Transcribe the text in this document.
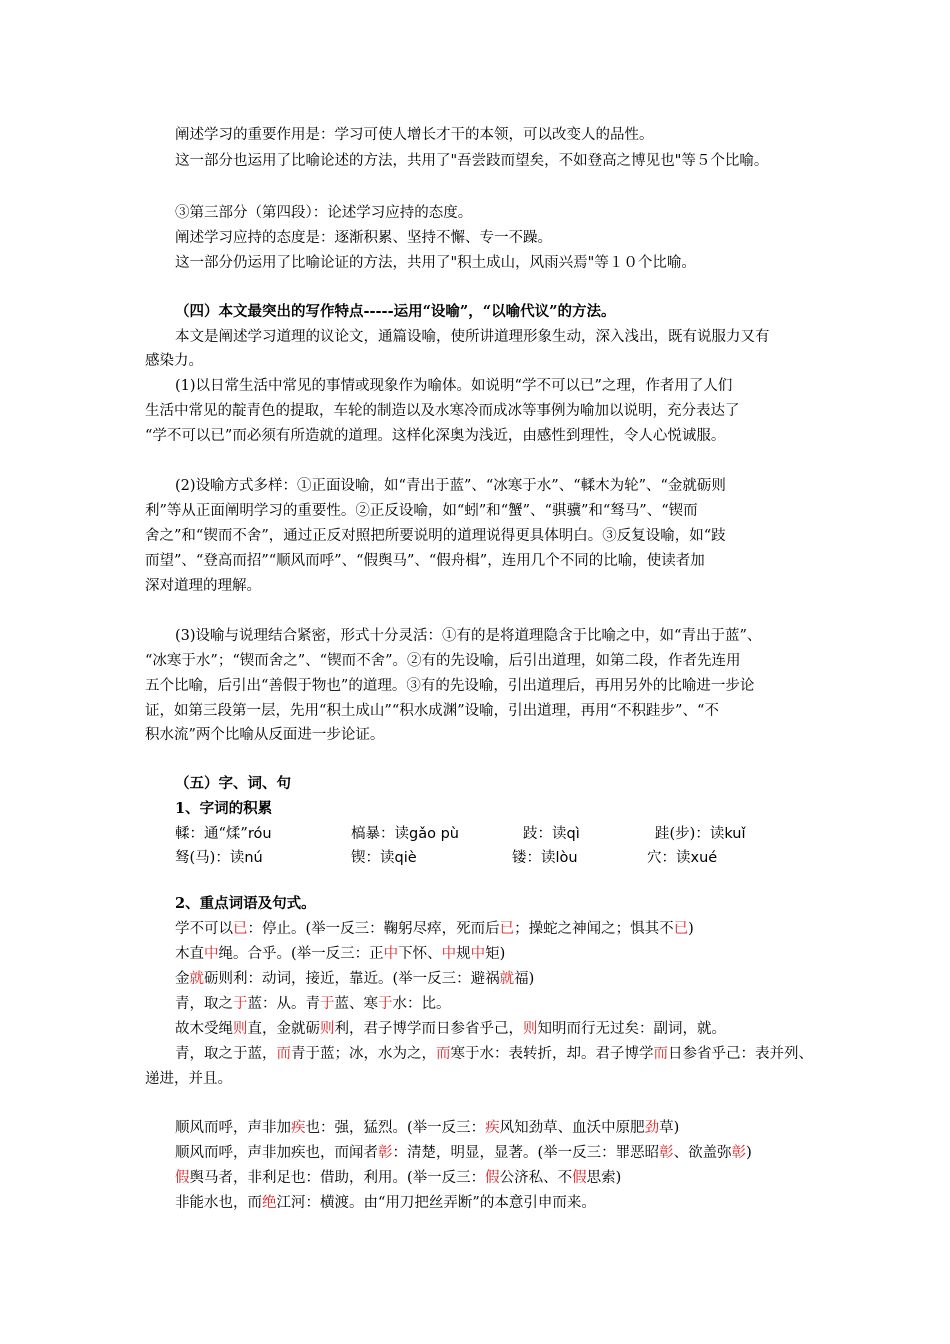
阐述学习的重要作用是：学习可使人增长才干的本领，可以改变人的品性。
这一部分也运用了比喻论述的方法，共用了"吾尝跂而望矣，不如登高之博见也"等５个比喻。
③第三部分（第四段）：论述学习应持的态度。
阐述学习应持的态度是：逐渐积累、坚持不懈、专一不躁。
这一部分仍运用了比喻论证的方法，共用了"积土成山，风雨兴焉"等１０个比喻。
（四）本文最突出的写作特点-----运用“设喻”，“以喻代议”的方法。
本文是阐述学习道理的议论文，通篇设喻，使所讲道理形象生动，深入浅出，既有说服力又有
感染力。
(1)以日常生活中常见的事情或现象作为喻体。如说明“学不可以已”之理，作者用了人们
生活中常见的靛青色的提取，车轮的制造以及水寒冷而成冰等事例为喻加以说明，充分表达了
“学不可以已”而必须有所造就的道理。这样化深奥为浅近，由感性到理性，令人心悦诚服。
(2)设喻方式多样：①正面设喻，如“青出于蓝”、“冰寒于水”、“輮木为轮”、“金就砺则
利”等从正面阐明学习的重要性。②正反设喻，如“蚓”和“蟹”、“骐骥”和“驽马”、“锲而
舍之”和“锲而不舍”，通过正反对照把所要说明的道理说得更具体明白。③反复设喻，如“跂
而望”、“登高而招”“顺风而呼”、“假舆马”、“假舟楫”，连用几个不同的比喻，使读者加
深对道理的理解。
(3)设喻与说理结合紧密，形式十分灵活：①有的是将道理隐含于比喻之中，如“青出于蓝”、
“冰寒于水”；“锲而舍之”、“锲而不舍”。②有的先设喻，后引出道理，如第二段，作者先连用
五个比喻，后引出“善假于物也”的道理。③有的先设喻，引出道理后，再用另外的比喻进一步论
证，如第三段第一层，先用“积土成山”“积水成渊”设喻，引出道理，再用“不积跬步”、“不
积水流”两个比喻从反面进一步论证。
（五）字、词、句
1、字词的积累
輮：通“煣”róu	槁暴：读gǎo pù	跂：读qì	跬(步)：读kuǐ
驽(马)：读nú	锲：读qiè	镂：读lòu	穴：读xué
2、重点词语及句式。
学不可以已：停止。(举一反三：鞠躬尽瘁，死而后已；操蛇之神闻之；惧其不已)
木直中绳。合乎。(举一反三：正中下怀、中规中矩)
金就砺则利：动词，接近，靠近。(举一反三：避祸就福)
青，取之于蓝：从。青于蓝、寒于水：比。
故木受绳则直，金就砺则利，君子博学而日参省乎己，则知明而行无过矣：副词，就。
青，取之于蓝，而青于蓝；冰，水为之，而寒于水：表转折，却。君子博学而日参省乎己：表并列、
递进，并且。
顺风而呼，声非加疾也：强，猛烈。(举一反三：疾风知劲草、血沃中原肥劲草)
顺风而呼，声非加疾也，而闻者彰：清楚，明显，显著。(举一反三：罪恶昭彰、欲盖弥彰)
假舆马者，非利足也：借助，利用。(举一反三：假公济私、不假思索)
非能水也，而绝江河：横渡。由“用刀把丝弄断”的本意引申而来。
